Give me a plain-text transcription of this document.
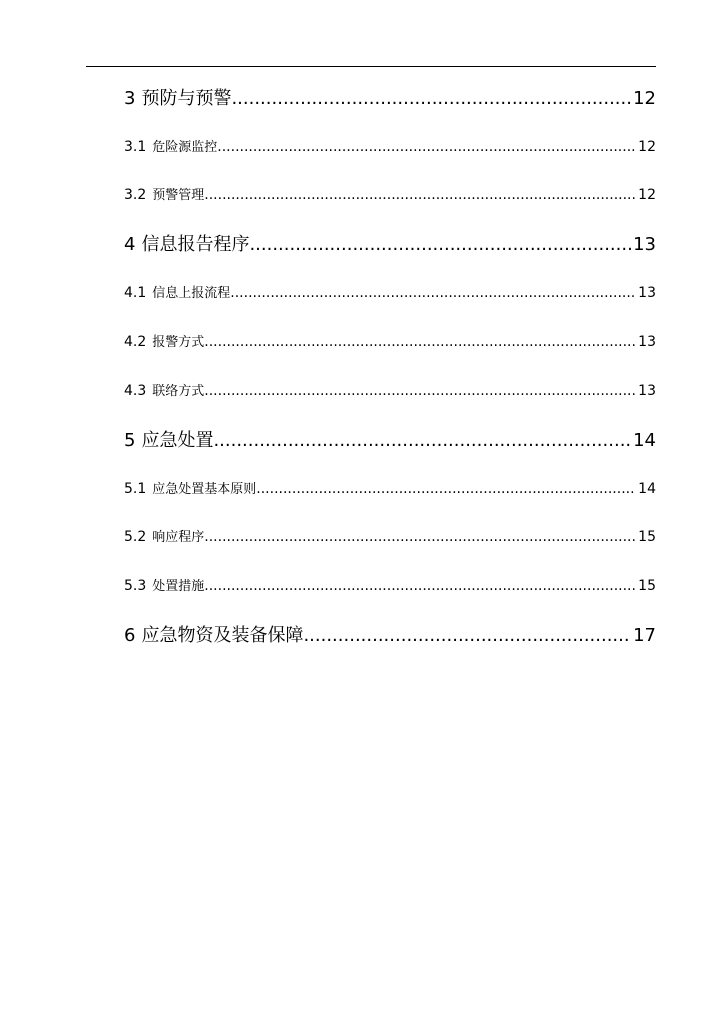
3 预防与预警 .....	12
3.1 危险源监控 .....	12
3.2 预警管理 .....	12
4 信息报告程序 .....	13
4.1 信息上报流程 .....	13
4.2 报警方式 .....	13
4.3 联络方式 .....	13
5 应急处置 .....	14
5.1 应急处置基本原则 .....	14
5.2 响应程序 .....	15
5.3 处置措施 .....	15
6 应急物资及装备保障 .....	17
